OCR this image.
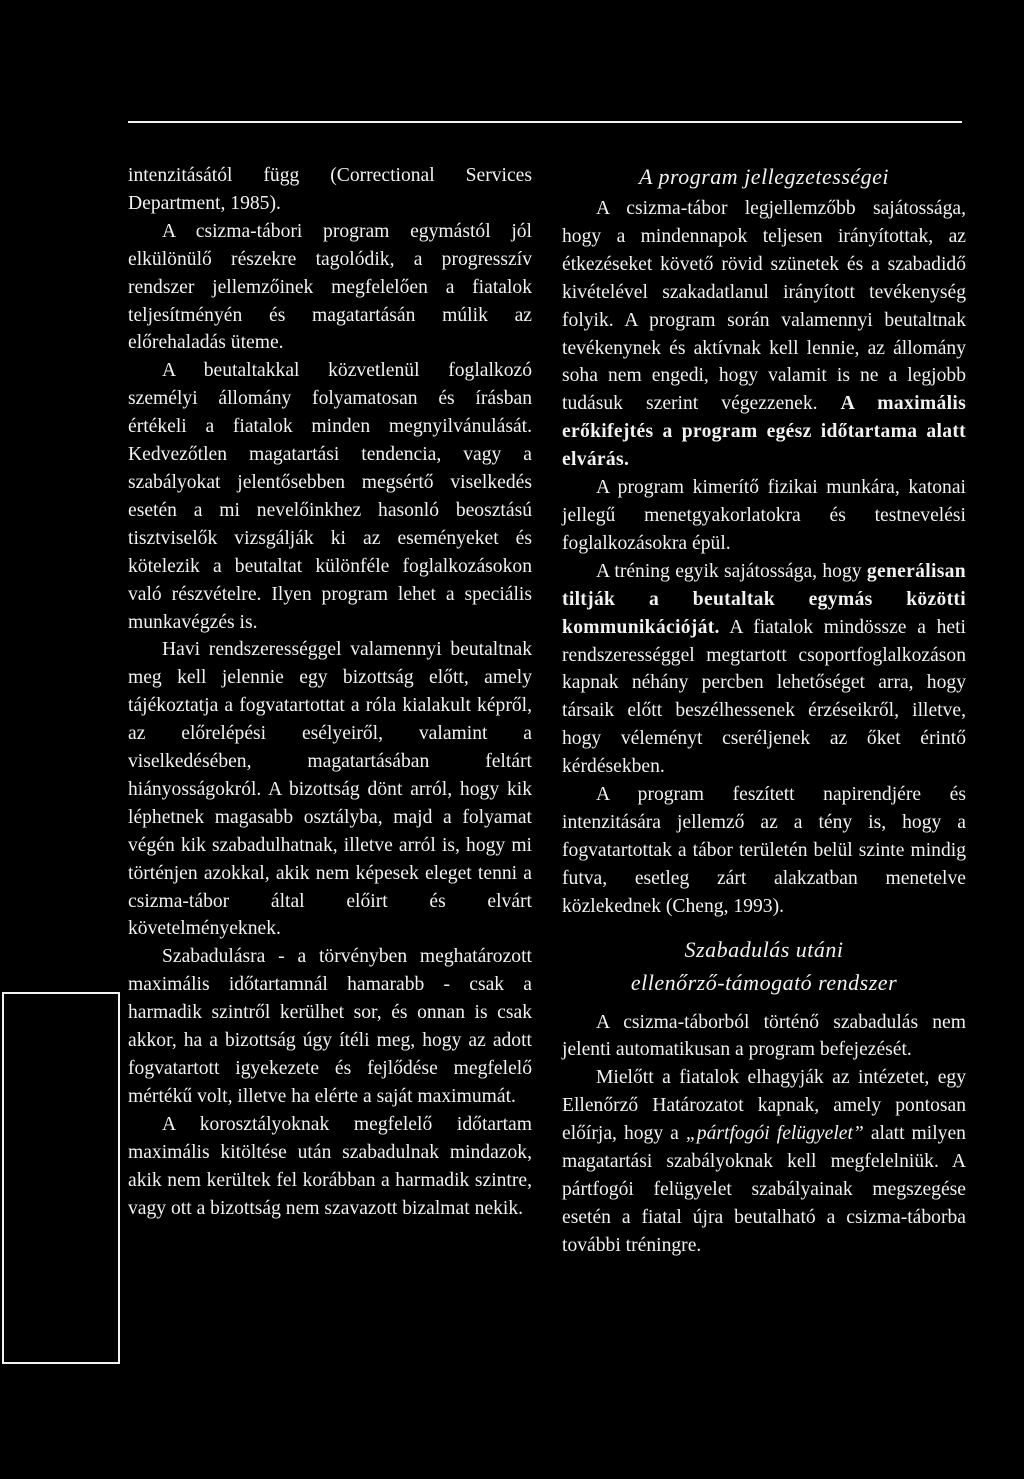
intenzitásától függ (Correctional Services Department, 1985).

A csizma-tábori program egymástól jól elkülönülő részekre tagolódik, a progresszív rendszer jellemzőinek megfelelően a fiatalok teljesítményén és magatartásán múlik az előrehaladás üteme.

A beutaltakkal közvetlenül foglalkozó személyi állomány folyamatosan és írásban értékeli a fiatalok minden megnyilvánulását. Kedvezőtlen magatartási tendencia, vagy a szabályokat jelentősebben megsértő viselkedés esetén a mi nevelőinkhez hasonló beosztású tisztviselők vizsgálják ki az eseményeket és kötelezik a beutaltat különféle foglalkozásokon való részvételre. Ilyen program lehet a speciális munkavégzés is.

Havi rendszerességgel valamennyi beutaltnak meg kell jelennie egy bizottság előtt, amely tájékoztatja a fogvatartottat a róla kialakult képről, az előrelépési esélyeiről, valamint a viselkedésében, magatartásában feltárt hiányosságokról. A bizottság dönt arról, hogy kik léphetnek magasabb osztályba, majd a folyamat végén kik szabadulhatnak, illetve arról is, hogy mi történjen azokkal, akik nem képesek eleget tenni a csizma-tábor által előirt és elvárt követelményeknek.

Szabadulásra - a törvényben meghatározott maximális időtartamnál hamarabb - csak a harmadik szintről kerülhet sor, és onnan is csak akkor, ha a bizottság úgy ítéli meg, hogy az adott fogvatartott igyekezete és fejlődése megfelelő mértékű volt, illetve ha elérte a saját maximumát.

A korosztályoknak megfelelő időtartam maximális kitöltése után szabadulnak mindazok, akik nem kerültek fel korábban a harmadik szintre, vagy ott a bizottság nem szavazott bizalmat nekik.

A program jellegzetességei

A csizma-tábor legjellemzőbb sajátossága, hogy a mindennapok teljesen irányítottak, az étkezéseket követő rövid szünetek és a szabadidő kivételével szakadatlanul irányított tevékenység folyik. A program során valamennyi beutaltnak tevékenynek és aktívnak kell lennie, az állomány soha nem engedi, hogy valamit is ne a legjobb tudásuk szerint végezzenek. A maximális erőkifejtés a program egész időtartama alatt elvárás.

A program kimerítő fizikai munkára, katonai jellegű menetgyakorlatokra és testnevelési foglalkozásokra épül.

A tréning egyik sajátossága, hogy generálisan tiltják a beutaltak egymás közötti kommunikációját. A fiatalok mindössze a heti rendszerességgel megtartott csoportfoglalkozáson kapnak néhány percben lehetőséget arra, hogy társaik előtt beszélhessenek érzéseikről, illetve, hogy véleményt cseréljenek az őket érintő kérdésekben.

A program feszített napirendjére és intenzitására jellemző az a tény is, hogy a fogvatartottak a tábor területén belül szinte mindig futva, esetleg zárt alakzatban menetelve közlekednek (Cheng, 1993).

Szabadulás utáni

ellenőrző-támogató rendszer

A csizma-táborból történő szabadulás nem jelenti automatikusan a program befejezését.

Mielőtt a fiatalok elhagyják az intézetet, egy Ellenőrző Határozatot kapnak, amely pontosan előírja, hogy a „pártfogói felügyelet” alatt milyen magatartási szabályoknak kell megfelelniük. A pártfogói felügyelet szabályainak megszegése esetén a fiatal újra beutalható a csizma-táborba további tréningre.
